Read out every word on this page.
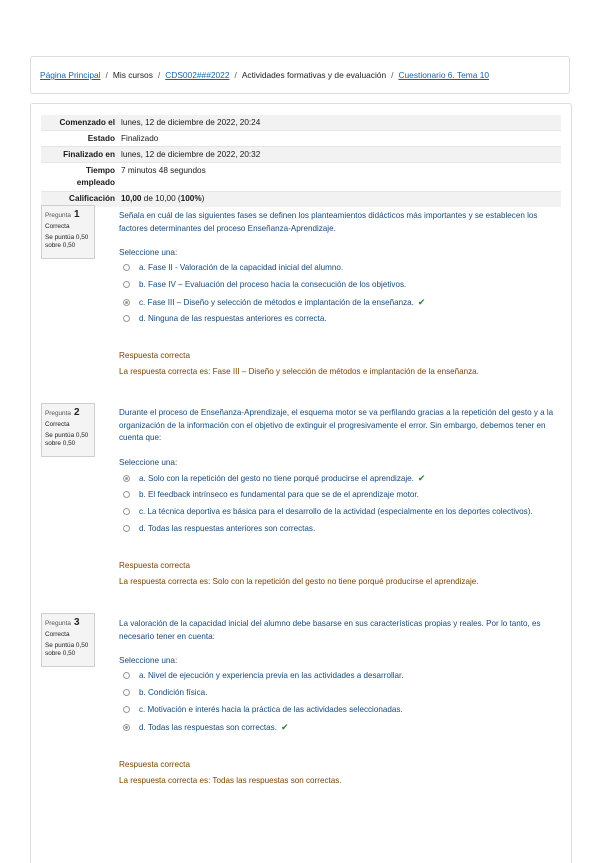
Página Principal / Mis cursos / CDS002###2022 / Actividades formativas y de evaluación / Cuestionario 6. Tema 10
Comenzado el lunes, 12 de diciembre de 2022, 20:24
Estado Finalizado
Finalizado en lunes, 12 de diciembre de 2022, 20:32
Tiempo
empleado
7 minutos 48 segundos
Calificación 10,00 de 10,00 (100%)
Pregunta 1
Correcta
Se puntúa 0,50
sobre 0,50
Señala en cuál de las siguientes fases se definen los planteamientos didácticos más importantes y se establecen los factores determinantes del proceso Enseñanza-Aprendizaje.
Seleccione una:
a. Fase II - Valoración de la capacidad inicial del alumno.
b. Fase IV – Evaluación del proceso hacia la consecución de los objetivos.
c. Fase III – Diseño y selección de métodos e implantación de la enseñanza. ✔
d. Ninguna de las respuestas anteriores es correcta.
Respuesta correcta
La respuesta correcta es: Fase III – Diseño y selección de métodos e implantación de la enseñanza.
Pregunta 2
Correcta
Se puntúa 0,50
sobre 0,50
Durante el proceso de Enseñanza-Aprendizaje, el esquema motor se va perfilando gracias a la repetición del gesto y a la organización de la información con el objetivo de extinguir el progresivamente el error. Sin embargo, debemos tener en cuenta que:
Seleccione una:
a. Solo con la repetición del gesto no tiene porqué producirse el aprendizaje. ✔
b. El feedback intrínseco es fundamental para que se de el aprendizaje motor.
c. La técnica deportiva es básica para el desarrollo de la actividad (especialmente en los deportes colectivos).
d. Todas las respuestas anteriores son correctas.
Respuesta correcta
La respuesta correcta es: Solo con la repetición del gesto no tiene porqué producirse el aprendizaje.
Pregunta 3
Correcta
Se puntúa 0,50
sobre 0,50
La valoración de la capacidad inicial del alumno debe basarse en sus características propias y reales. Por lo tanto, es necesario tener en cuenta:
Seleccione una:
a. Nivel de ejecución y experiencia previa en las actividades a desarrollar.
b. Condición física.
c. Motivación e interés hacia la práctica de las actividades seleccionadas.
d. Todas las respuestas son correctas. ✔
Respuesta correcta
La respuesta correcta es: Todas las respuestas son correctas.
